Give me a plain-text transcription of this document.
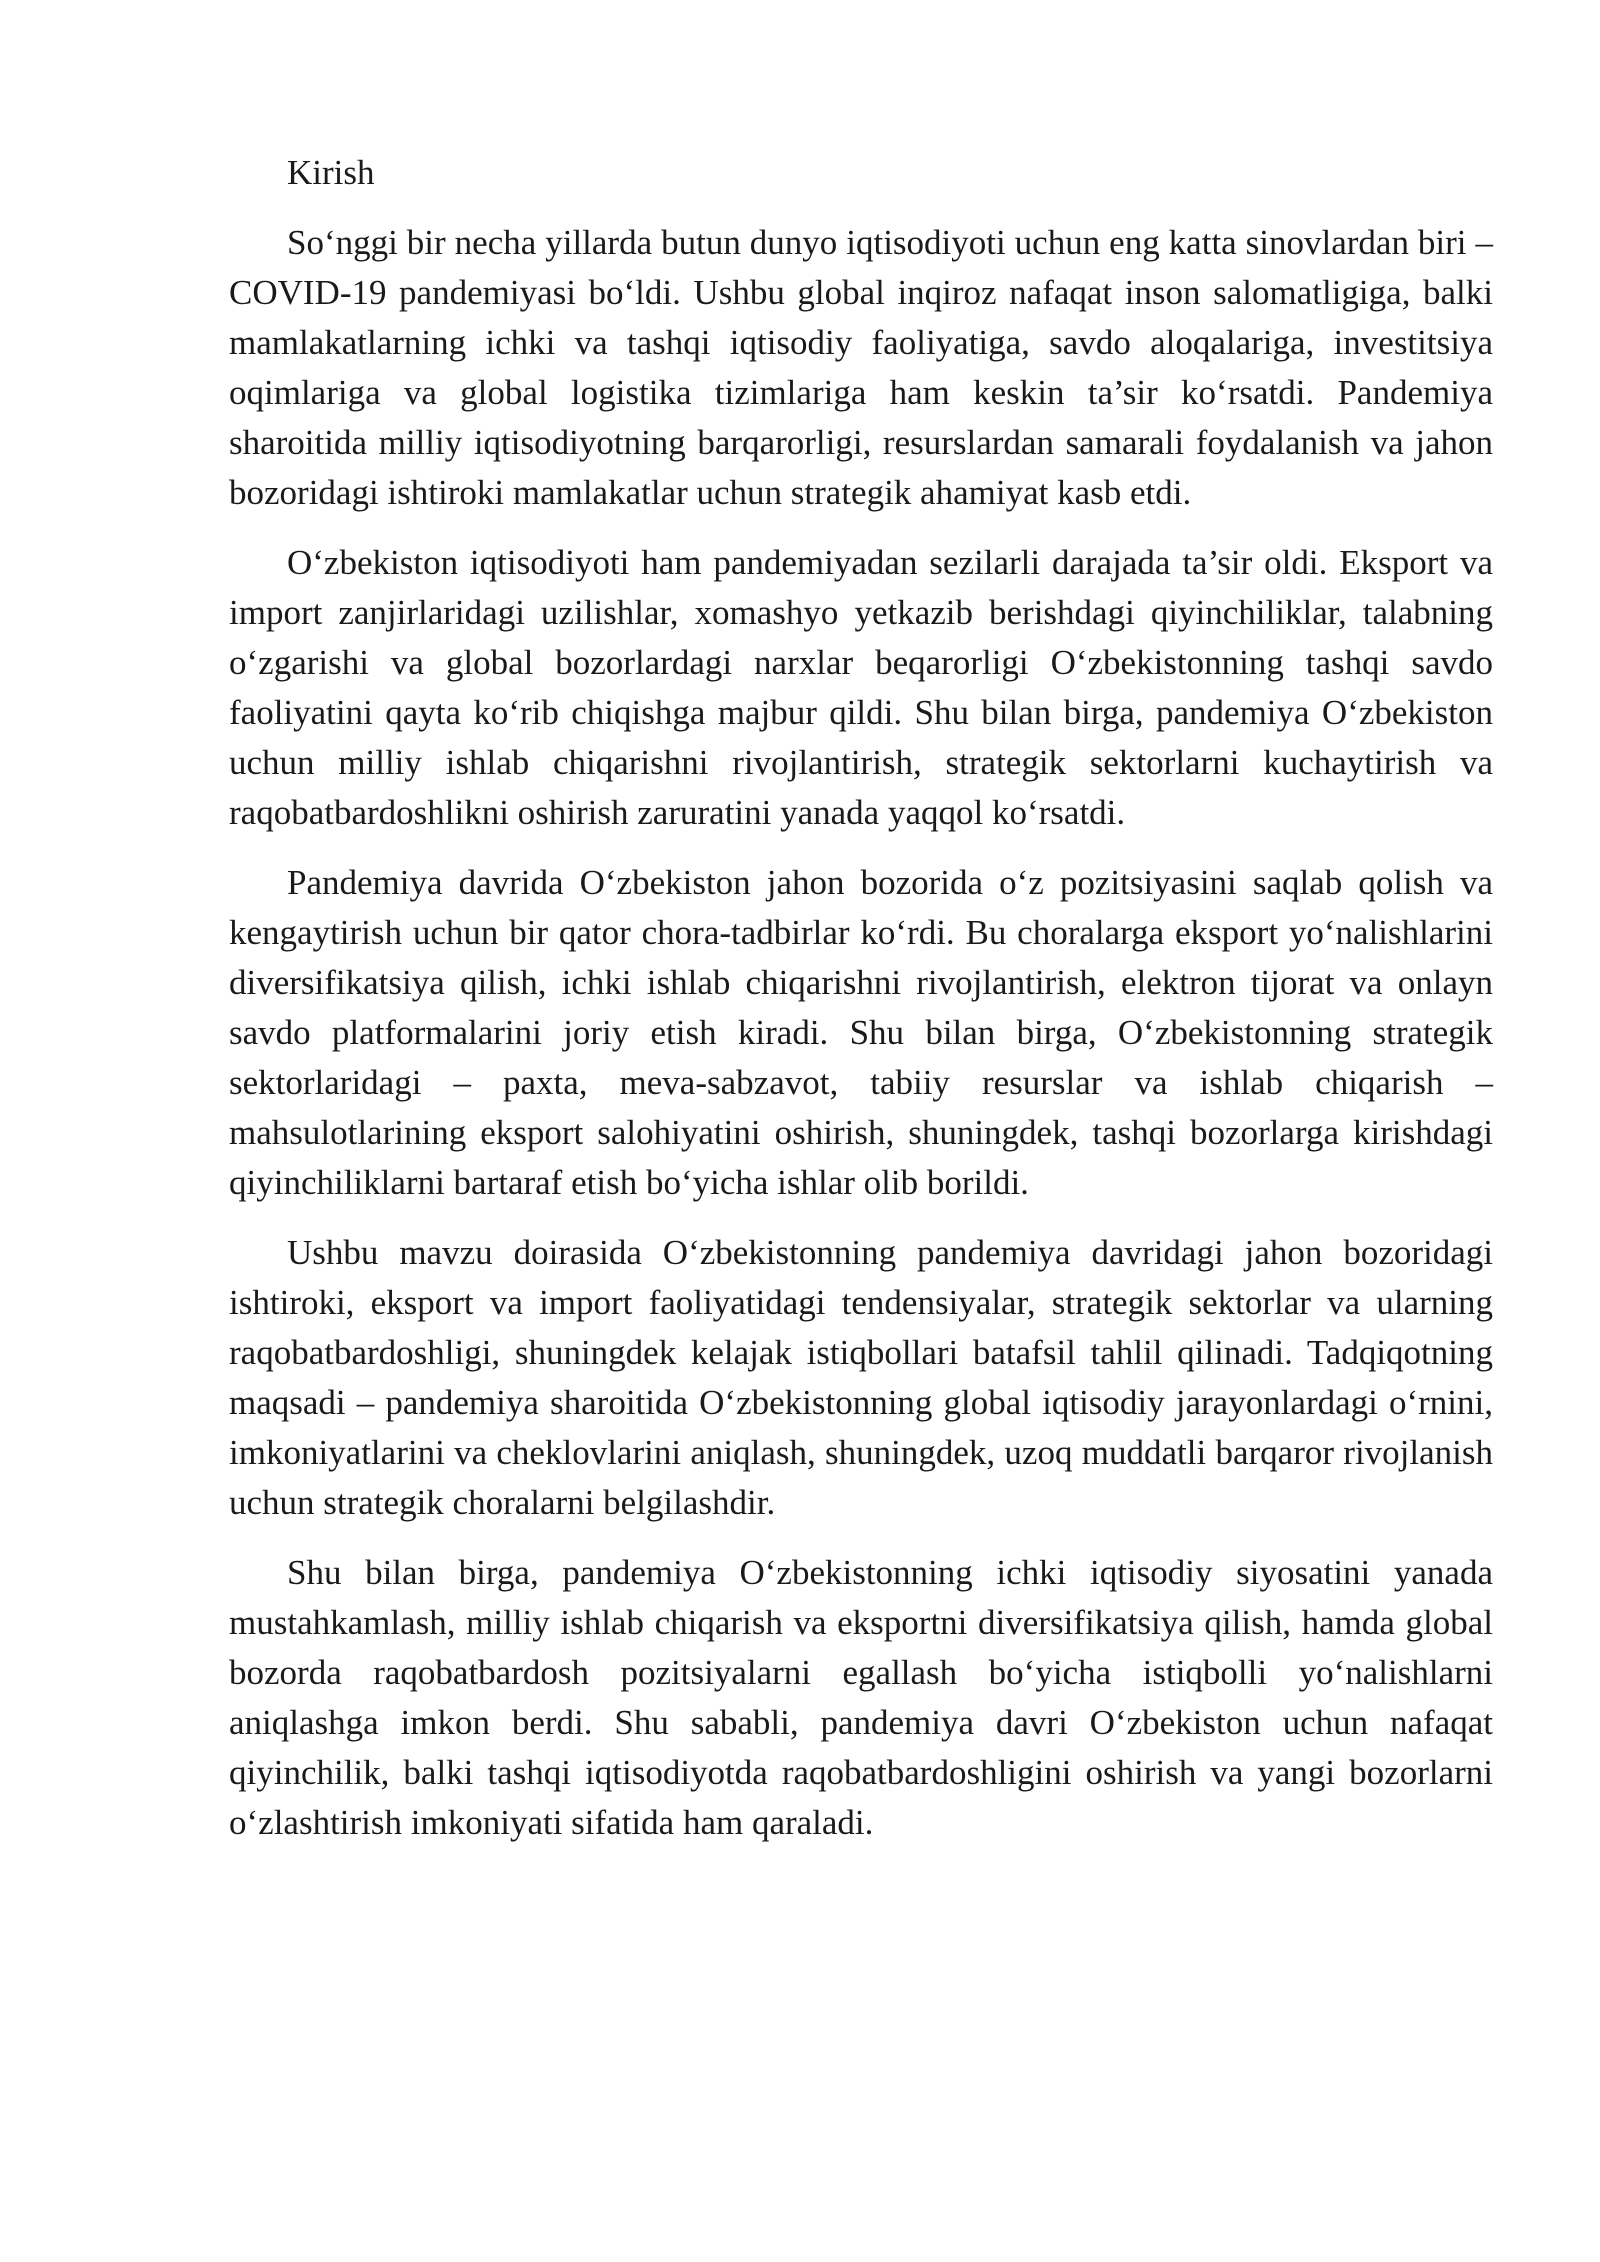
Kirish

So‘nggi bir necha yillarda butun dunyo iqtisodiyoti uchun eng katta sinovlardan biri – COVID-19 pandemiyasi bo‘ldi. Ushbu global inqiroz nafaqat inson salomatligiga, balki mamlakatlarning ichki va tashqi iqtisodiy faoliyatiga, savdo aloqalariga, investitsiya oqimlariga va global logistika tizimlariga ham keskin ta’sir ko‘rsatdi. Pandemiya sharoitida milliy iqtisodiyotning barqarorligi, resurslardan samarali foydalanish va jahon bozoridagi ishtiroki mamlakatlar uchun strategik ahamiyat kasb etdi.

O‘zbekiston iqtisodiyoti ham pandemiyadan sezilarli darajada ta’sir oldi. Eksport va import zanjirlaridagi uzilishlar, xomashyo yetkazib berishdagi qiyinchiliklar, talabning o‘zgarishi va global bozorlardagi narxlar beqarorligi O‘zbekistonning tashqi savdo faoliyatini qayta ko‘rib chiqishga majbur qildi. Shu bilan birga, pandemiya O‘zbekiston uchun milliy ishlab chiqarishni rivojlantirish, strategik sektorlarni kuchaytirish va raqobatbardoshlikni oshirish zaruratini yanada yaqqol ko‘rsatdi.

Pandemiya davrida O‘zbekiston jahon bozorida o‘z pozitsiyasini saqlab qolish va kengaytirish uchun bir qator chora-tadbirlar ko‘rdi. Bu choralarga eksport yo‘nalishlarini diversifikatsiya qilish, ichki ishlab chiqarishni rivojlantirish, elektron tijorat va onlayn savdo platformalarini joriy etish kiradi. Shu bilan birga, O‘zbekistonning strategik sektorlaridagi – paxta, meva-sabzavot, tabiiy resurslar va ishlab chiqarish – mahsulotlarining eksport salohiyatini oshirish, shuningdek, tashqi bozorlarga kirishdagi qiyinchiliklarni bartaraf etish bo‘yicha ishlar olib borildi.

Ushbu mavzu doirasida O‘zbekistonning pandemiya davridagi jahon bozoridagi ishtiroki, eksport va import faoliyatidagi tendensiyalar, strategik sektorlar va ularning raqobatbardoshligi, shuningdek kelajak istiqbollari batafsil tahlil qilinadi. Tadqiqotning maqsadi – pandemiya sharoitida O‘zbekistonning global iqtisodiy jarayonlardagi o‘rnini, imkoniyatlarini va cheklovlarini aniqlash, shuningdek, uzoq muddatli barqaror rivojlanish uchun strategik choralarni belgilashdir.

Shu bilan birga, pandemiya O‘zbekistonning ichki iqtisodiy siyosatini yanada mustahkamlash, milliy ishlab chiqarish va eksportni diversifikatsiya qilish, hamda global bozorda raqobatbardosh pozitsiyalarni egallash bo‘yicha istiqbolli yo‘nalishlarni aniqlashga imkon berdi. Shu sababli, pandemiya davri O‘zbekiston uchun nafaqat qiyinchilik, balki tashqi iqtisodiyotda raqobatbardoshligini oshirish va yangi bozorlarni o‘zlashtirish imkoniyati sifatida ham qaraladi.
